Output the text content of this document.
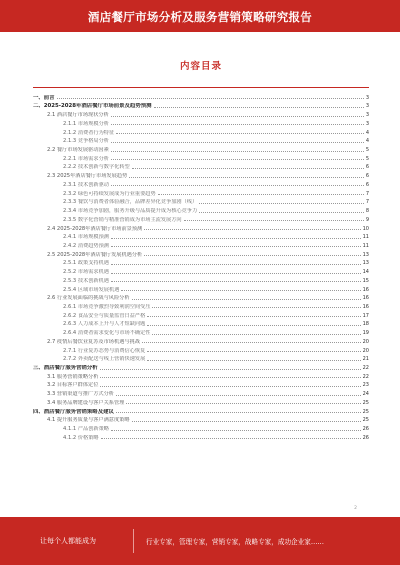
酒店餐厅市场分析及服务营销策略研究报告
内容目录
一、前言	3
二、2025-2028年酒店餐厅市场前景及趋势预测	3
2.1 酒店餐厅市场现状分析	3
2.1.1 市场规模分析	3
2.1.2 消费者行为特征	4
2.1.3 竞争格局分析	4
2.2 餐厅市场发展驱动因素	5
2.2.1 市场需求分析	5
2.2.2 技术创新与数字化转型	6
2.3 2025年酒店餐厅市场发展趋势	6
2.3.1 技术创新驱动	6
2.3.2 绿色可持续发展成为行业重要趋势	7
2.3.3 餐饮与消费者体验融合，品牌差异化竞争加剧（线）	7
2.3.4 市场竞争加剧，服务升级与品质提升成为核心竞争力	8
2.3.5 数字化营销与精准营销成为市场主流发展方向	9
2.4 2025-2028年酒店餐厅市场前景预测	10
2.4.1 市场规模预测	11
2.4.2 消费趋势预测	11
2.5 2025-2028年酒店餐厅发展机遇分析	13
2.5.1 政策支持机遇	13
2.5.2 市场需求机遇	14
2.5.3 技术创新机遇	15
2.5.4 区域市场发展机遇	16
2.6 行业发展面临的挑战与风险分析	16
2.6.1 市场竞争激烈导致利润空间受压	16
2.6.2 食品安全与质量监管日益严格	17
2.6.3 人力成本上升与人才短缺问题	18
2.6.4 消费者需求变化与市场不确定性	19
2.7 疫情后餐饮业复苏及市场机遇与挑战	20
2.7.1 行业复苏态势与消费信心恢复	20
2.7.2 外卖配送与线上营销快速发展	21
三、酒店餐厅服务营销分析	22
3.1 服务营销策略分析	22
3.2 目标客户群体定位	23
3.3 营销渠道与推广方式分析	24
3.4 服务品牌建设与客户关系管理	25
四、酒店餐厅服务营销策略及建议	25
4.1 提升服务质量与客户满意度策略	25
4.1.1 产品创新策略	26
4.1.2 价格策略	26
2
让每个人都能成为	行业专家，管理专家，营销专家，战略专家，成功企业家……
